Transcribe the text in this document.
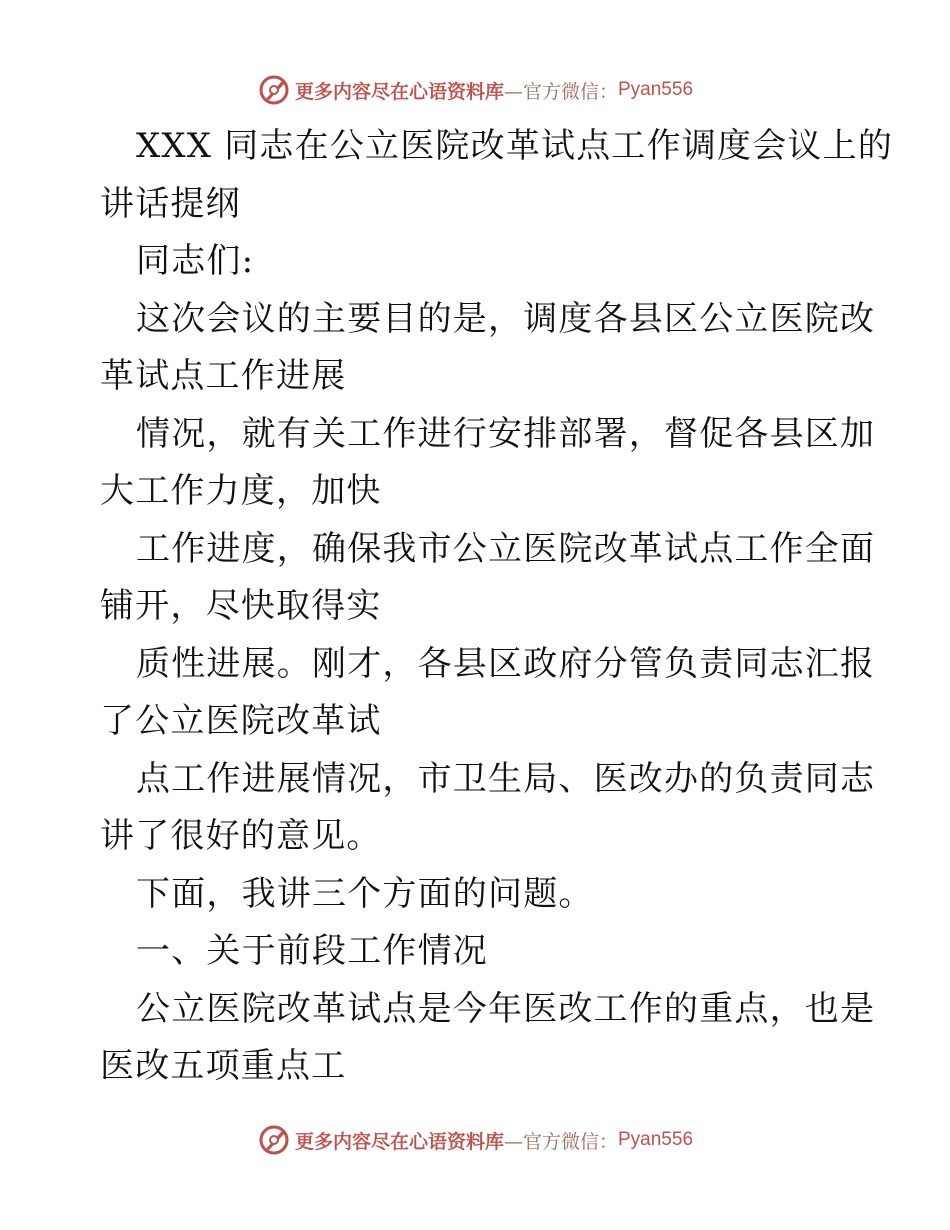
更多内容尽在心语资料库 —官方微信： Pyan556
XXX 同志在公立医院改革试点工作调度会议上的
讲话提纲
同志们:
这次会议的主要目的是，调度各县区公立医院改
革试点工作进展
情况，就有关工作进行安排部署，督促各县区加
大工作力度，加快
工作进度，确保我市公立医院改革试点工作全面
铺开，尽快取得实
质性进展。刚才，各县区政府分管负责同志汇报
了公立医院改革试
点工作进展情况，市卫生局、医改办的负责同志
讲了很好的意见。
下面，我讲三个方面的问题。
一、关于前段工作情况
公立医院改革试点是今年医改工作的重点，也是
医改五项重点工
更多内容尽在心语资料库 —官方微信： Pyan556
